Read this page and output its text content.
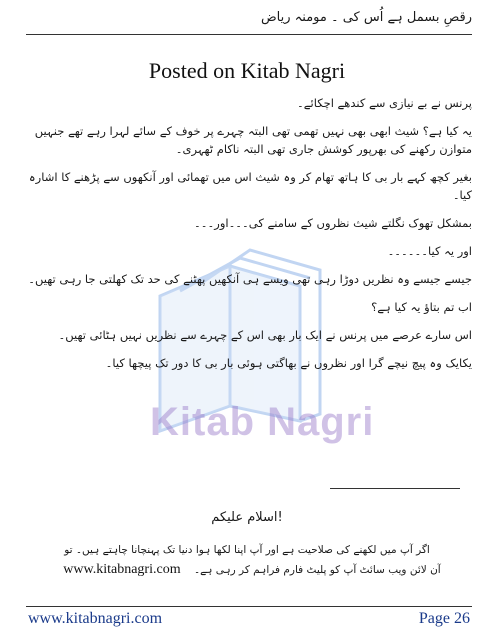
رقصِ بسمل ہے اُس کی ۔ مومنہ ریاض
Posted on Kitab Nagri
Kitab Nagri

پرنس نے بے نیازی سے کندھے اچکائے۔

یہ کیا ہے؟ شیث ابھی بھی نہیں تھمی تھی البتہ چہرے پر خوف کے سائے لہرا رہے تھے جنہیں متوازن رکھنے کی بھرپور کوشش جاری تھی البتہ ناکام ٹھہری۔

بغیر کچھ کہے بار بی کا ہاتھ تھام کر وہ شیث اس میں تھمائی اور آنکھوں سے پڑھنے کا اشارہ کیا۔

بمشکل تھوک نگلتے شیث نظروں کے سامنے کی۔۔۔اور۔۔۔

اور یہ کیا۔۔۔۔۔۔

جیسے جیسے وہ نظریں دوڑا رہی تھی ویسے ہی آنکھیں پھٹنے کی حد تک کھلتی جا رہی تھیں۔

اب تم بتاؤ یہ کیا ہے؟

اس سارے عرصے میں پرنس نے ایک بار بھی اس کے چہرے سے نظریں نہیں ہٹائی تھیں۔

یکایک وہ پیچ نیچے گرا اور نظروں نے بھاگتی ہوئی بار بی کا دور تک پیچھا کیا۔

!اسلام علیکم
اگر آپ میں لکھنے کی صلاحیت ہے اور آپ اپنا لکھا ہوا دنیا تک پہنچانا چاہتے ہیں۔ تو
آن لائن ویب سائٹ آپ کو پلیٹ فارم فراہم کر رہی ہے۔ www.kitabnagri.com
www.kitabnagri.com	Page 26
